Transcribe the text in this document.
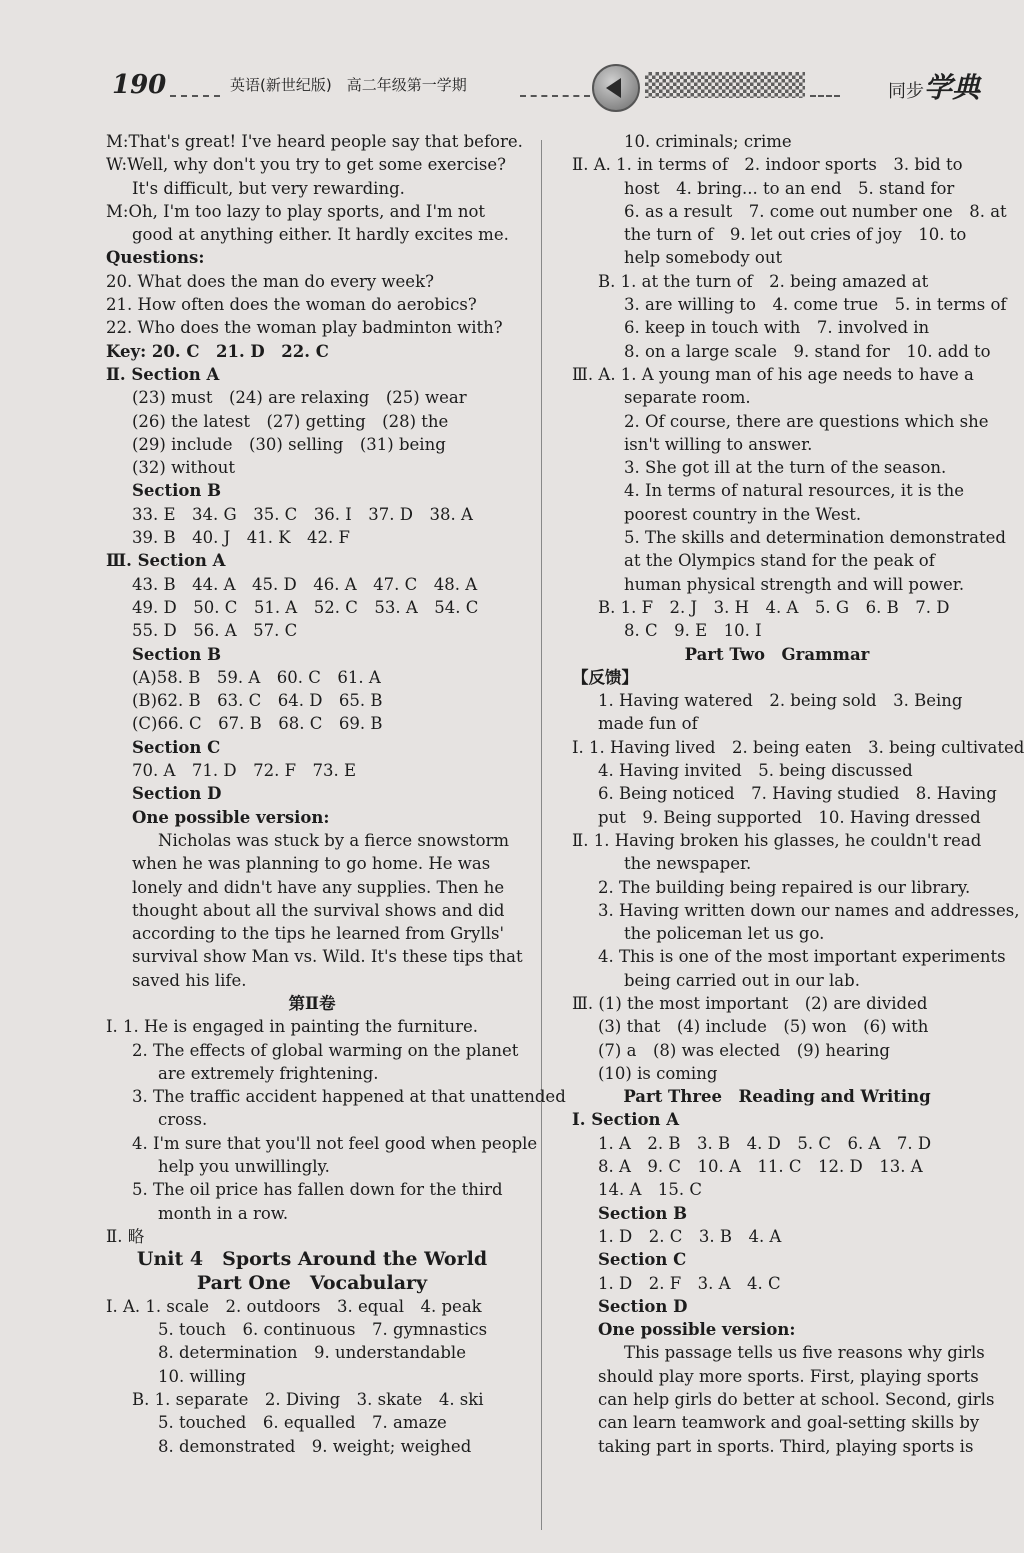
190	英语(新世纪版)　高二年级第一学期	同步学典
M:That's great! I've heard people say that before.
W:Well, why don't you try to get some exercise?
It's difficult, but very rewarding.
M:Oh, I'm too lazy to play sports, and I'm not
good at anything either. It hardly excites me.
Questions:
20. What does the man do every week?
21. How often does the woman do aerobics?
22. Who does the woman play badminton with?
Key: 20. C　21. D　22. C
Ⅱ. Section A
(23) must　(24) are relaxing　(25) wear
(26) the latest　(27) getting　(28) the
(29) include　(30) selling　(31) being
(32) without
Section B
33. E　34. G　35. C　36. I　37. D　38. A
39. B　40. J　41. K　42. F
Ⅲ. Section A
43. B　44. A　45. D　46. A　47. C　48. A
49. D　50. C　51. A　52. C　53. A　54. C
55. D　56. A　57. C
Section B
(A)58. B　59. A　60. C　61. A
(B)62. B　63. C　64. D　65. B
(C)66. C　67. B　68. C　69. B
Section C
70. A　71. D　72. F　73. E
Section D
One possible version:
Nicholas was stuck by a fierce snowstorm
when he was planning to go home. He was
lonely and didn't have any supplies. Then he
thought about all the survival shows and did
according to the tips he learned from Grylls'
survival show Man vs. Wild. It's these tips that
saved his life.
第Ⅱ卷
Ⅰ. 1. He is engaged in painting the furniture.
2. The effects of global warming on the planet
are extremely frightening.
3. The traffic accident happened at that unattended
cross.
4. I'm sure that you'll not feel good when people
help you unwillingly.
5. The oil price has fallen down for the third
month in a row.
Ⅱ. 略
Unit 4　Sports Around the World
Part One　Vocabulary
Ⅰ. A. 1. scale　2. outdoors　3. equal　4. peak
5. touch　6. continuous　7. gymnastics
8. determination　9. understandable
10. willing
B. 1. separate　2. Diving　3. skate　4. ski
5. touched　6. equalled　7. amaze
8. demonstrated　9. weight; weighed
10. criminals; crime
Ⅱ. A. 1. in terms of　2. indoor sports　3. bid to
host　4. bring... to an end　5. stand for
6. as a result　7. come out number one　8. at
the turn of　9. let out cries of joy　10. to
help somebody out
B. 1. at the turn of　2. being amazed at
3. are willing to　4. come true　5. in terms of
6. keep in touch with　7. involved in
8. on a large scale　9. stand for　10. add to
Ⅲ. A. 1. A young man of his age needs to have a
separate room.
2. Of course, there are questions which she
isn't willing to answer.
3. She got ill at the turn of the season.
4. In terms of natural resources, it is the
poorest country in the West.
5. The skills and determination demonstrated
at the Olympics stand for the peak of
human physical strength and will power.
B. 1. F　2. J　3. H　4. A　5. G　6. B　7. D
8. C　9. E　10. I
Part Two　Grammar
【反馈】
1. Having watered　2. being sold　3. Being
made fun of
Ⅰ. 1. Having lived　2. being eaten　3. being cultivated
4. Having invited　5. being discussed
6. Being noticed　7. Having studied　8. Having
put　9. Being supported　10. Having dressed
Ⅱ. 1. Having broken his glasses, he couldn't read
the newspaper.
2. The building being repaired is our library.
3. Having written down our names and addresses,
the policeman let us go.
4. This is one of the most important experiments
being carried out in our lab.
Ⅲ. (1) the most important　(2) are divided
(3) that　(4) include　(5) won　(6) with
(7) a　(8) was elected　(9) hearing
(10) is coming
Part Three　Reading and Writing
Ⅰ. Section A
1. A　2. B　3. B　4. D　5. C　6. A　7. D
8. A　9. C　10. A　11. C　12. D　13. A
14. A　15. C
Section B
1. D　2. C　3. B　4. A
Section C
1. D　2. F　3. A　4. C
Section D
One possible version:
This passage tells us five reasons why girls
should play more sports. First, playing sports
can help girls do better at school. Second, girls
can learn teamwork and goal-setting skills by
taking part in sports. Third, playing sports is
